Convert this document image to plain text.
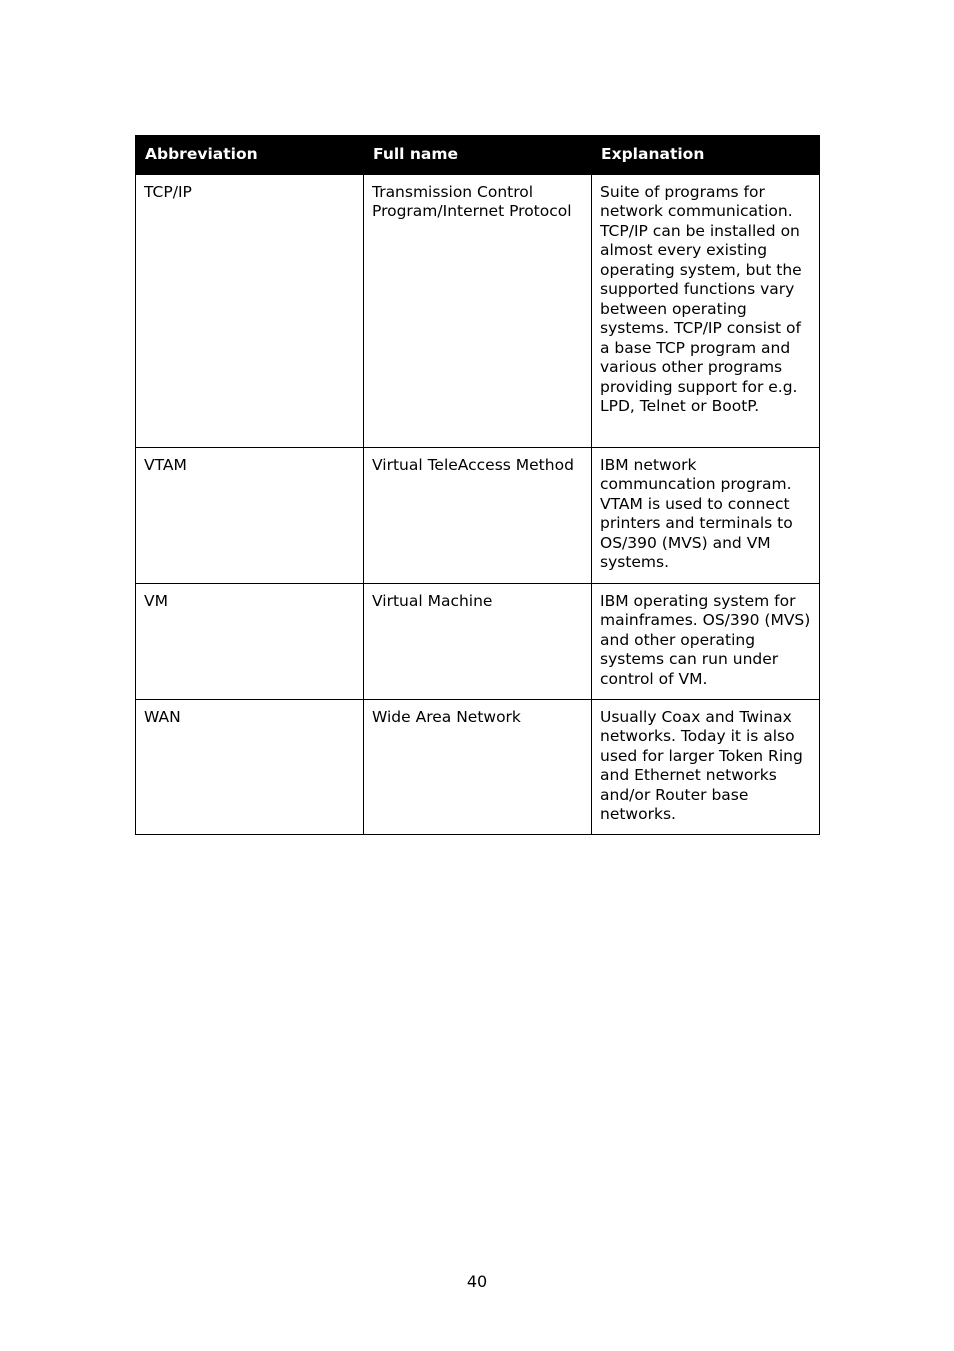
Abbreviation	Full name	Explanation
TCP/IP	Transmission Control Program/Internet Protocol	Suite of programs for network communication. TCP/IP can be installed on almost every existing operating system, but the supported functions vary between operating systems. TCP/IP consist of a base TCP program and various other programs providing support for e.g. LPD, Telnet or BootP.
VTAM	Virtual TeleAccess Method	IBM network communcation program. VTAM is used to connect printers and terminals to OS/390 (MVS) and VM systems.
VM	Virtual Machine	IBM operating system for mainframes. OS/390 (MVS) and other operating systems can run under control of VM.
WAN	Wide Area Network	Usually Coax and Twinax networks. Today it is also used for larger Token Ring and Ethernet networks and/or Router base networks.
40
